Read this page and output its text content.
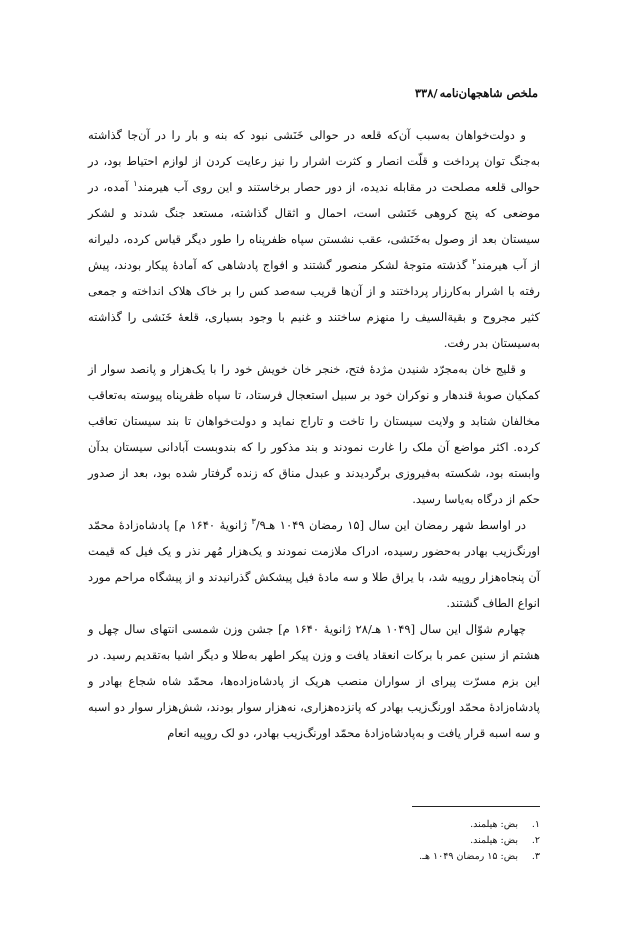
ملخص شاهجهان‌نامه/۳۳۸

و دولت‌خواهان به‌سبب آن‌که قلعه در حوالی خَنَشی نبود که بنه و بار را در آن‌جا گذاشته به‌جنگ توان پرداخت و قلّت انصار و کثرت اشرار را نیز رعایت کردن از لوازم احتیاط بود، در حوالی قلعه مصلحت در مقابله ندیده، از دور حصار برخاستند و این روی آب هیرمند$^۱$ آمده، در موضعی که پنج کروهی خَنَشی است، احمال و اثقال گذاشته، مستعد جنگ شدند و لشکر سیستان بعد از وصول به‌خَنَشی، عقب نشستن سپاه ظفرپناه را طور دیگر قیاس کرده، دلیرانه از آب هیرمند$^۲$ گذشته متوجهٔ لشکر منصور گشتند و افواج پادشاهی که آمادهٔ پیکار بودند، پیش رفته با اشرار به‌کارزار پرداختند و از آن‌ها قریب سه‌صد کس را بر خاک هلاک انداخته و جمعی کثیر مجروح و بقیةالسیف را منهزم ساختند و غنیم با وجود بسیاری، قلعهٔ خَنَشی را گذاشته به‌سیستان بدر رفت.

و قلیج خان به‌مجرّد شنیدن مژدهٔ فتح، خنجر خان خویش خود را با یک‌هزار و پانصد سوار از کمکیان صوبهٔ قندهار و نوکران خود بر سبیل استعجال فرستاد، تا سپاه ظفرپناه پیوسته به‌تعاقب مخالفان شتابد و ولایت سیستان را تاخت و تاراج نماید و دولت‌خواهان تا بند سیستان تعاقب کرده. اکثر مواضع آن ملک را غارت نمودند و بند مذکور را که بندوبست آبادانی سیستان بدآن وابسته بود، شکسته به‌فیروزی برگردیدند و عبدل مناق که زنده گرفتار شده بود، بعد از صدور حکم از درگاه به‌یاسا رسید.

در اواسط شهر رمضان این سال [۱۵ رمضان ۱۰۴۹ هـ$^۳$/۹ ژانویهٔ ۱۶۴۰ م] پادشاه‌زادهٔ محمّد اورنگ‌زیب بهادر به‌حضور رسیده، ادراک ملازمت نمودند و یک‌هزار مُهر نذر و یک فیل که قیمت آن پنجاه‌هزار روپیه شد، با یراق طلا و سه مادهٔ فیل پیشکش گذرانیدند و از پیشگاه مراحم مورد انواع الطاف گشتند.

چهارم شوّال این سال [۱۰۴۹ هـ/۲۸ ژانویهٔ ۱۶۴۰ م] جشن وزن شمسی انتهای سال چهل و هشتم از سنین عمر با برکات انعقاد یافت و وزن پیکر اطهر به‌طلا و دیگر اشیا به‌تقدیم رسید. در این بزم مسرّت پیرای از سواران منصب هریک از پادشاه‌زاده‌ها، محمّد شاه شجاع بهادر و پادشاه‌زادهٔ محمّد اورنگ‌زیب بهادر که پانزده‌هزاری، نه‌هزار سوار بودند، شش‌هزار سوار دو اسبه و سه اسبه قرار یافت و به‌پادشاه‌زادهٔ محمّد اورنگ‌زیب بهادر، دو لک روپیه انعام

۱.
بض: هیلمند.
۲.
بض: هیلمند.
۳.
بض: ۱۵ رمضان ۱۰۴۹ هـ.
